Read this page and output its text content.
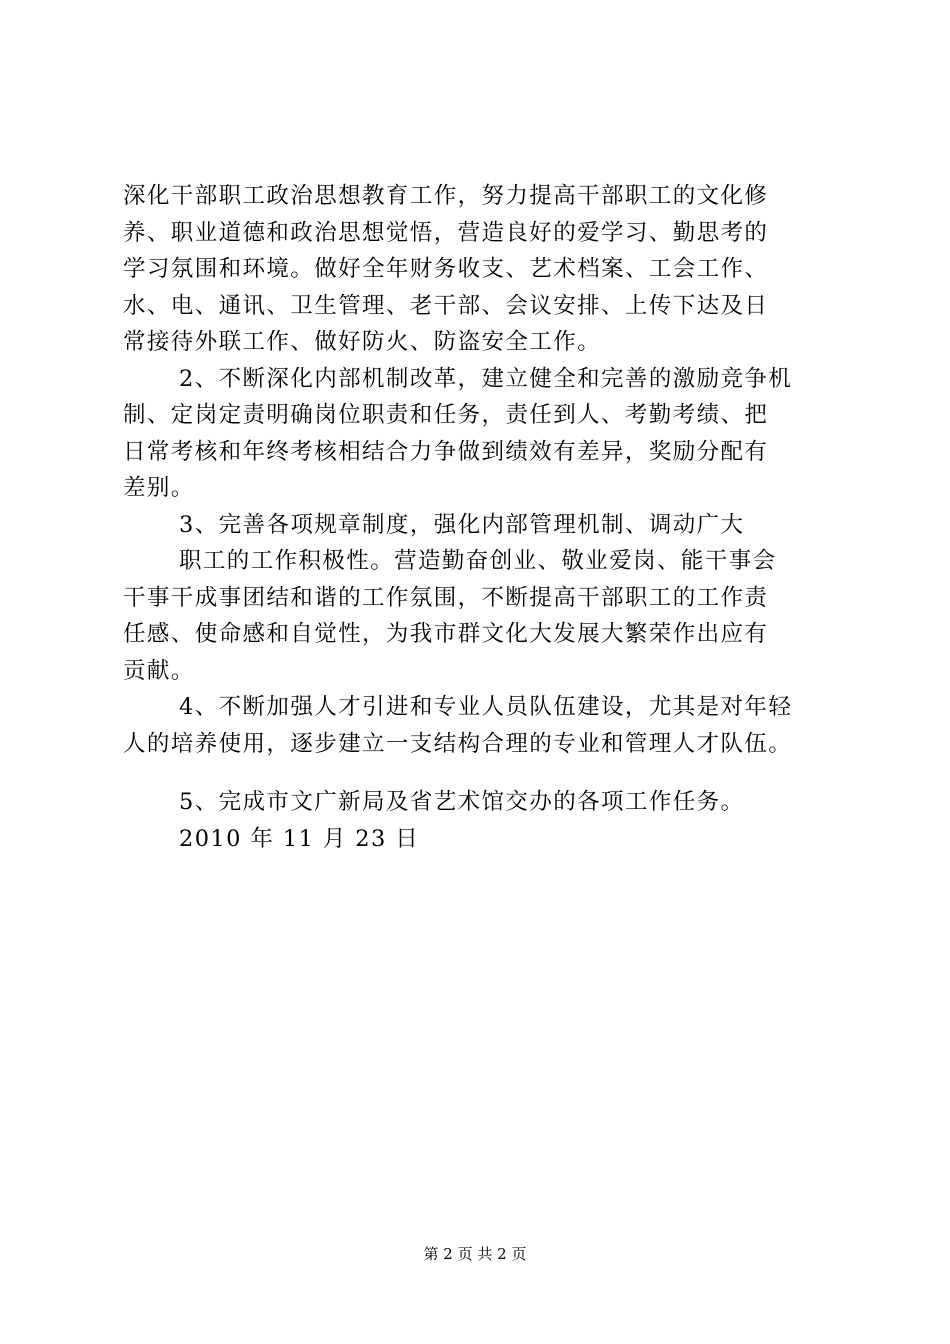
深化干部职工政治思想教育工作，努力提高干部职工的文化修
养、职业道德和政治思想觉悟，营造良好的爱学习、勤思考的
学习氛围和环境。做好全年财务收支、艺术档案、工会工作、
水、电、通讯、卫生管理、老干部、会议安排、上传下达及日
常接待外联工作、做好防火、防盗安全工作。
2、不断深化内部机制改革，建立健全和完善的激励竞争机
制、定岗定责明确岗位职责和任务，责任到人、考勤考绩、把
日常考核和年终考核相结合力争做到绩效有差异，奖励分配有
差别。
3、完善各项规章制度，强化内部管理机制、调动广大
职工的工作积极性。营造勤奋创业、敬业爱岗、能干事会
干事干成事团结和谐的工作氛围，不断提高干部职工的工作责
任感、使命感和自觉性，为我市群文化大发展大繁荣作出应有
贡献。
4、不断加强人才引进和专业人员队伍建设，尤其是对年轻
人的培养使用，逐步建立一支结构合理的专业和管理人才队伍。
5、完成市文广新局及省艺术馆交办的各项工作任务。
2010 年 11 月 23 日
第 2 页 共 2 页
